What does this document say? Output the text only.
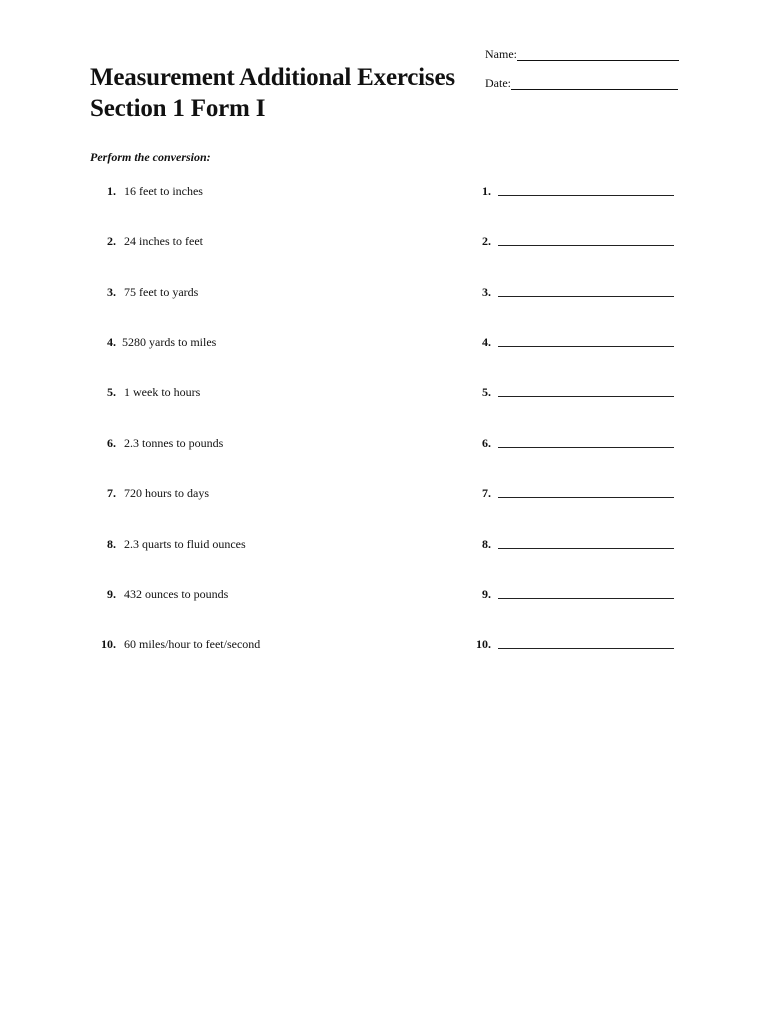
Measurement Additional Exercises
Section 1 Form I
Name:
Date:
Perform the conversion:
1. 16 feet to inches	1.
2. 24 inches to feet	2.
3. 75 feet to yards	3.
4. 5280 yards to miles	4.
5. 1 week to hours	5.
6. 2.3 tonnes to pounds	6.
7. 720 hours to days	7.
8. 2.3 quarts to fluid ounces	8.
9. 432 ounces to pounds	9.
10. 60 miles/hour to feet/second	10.
